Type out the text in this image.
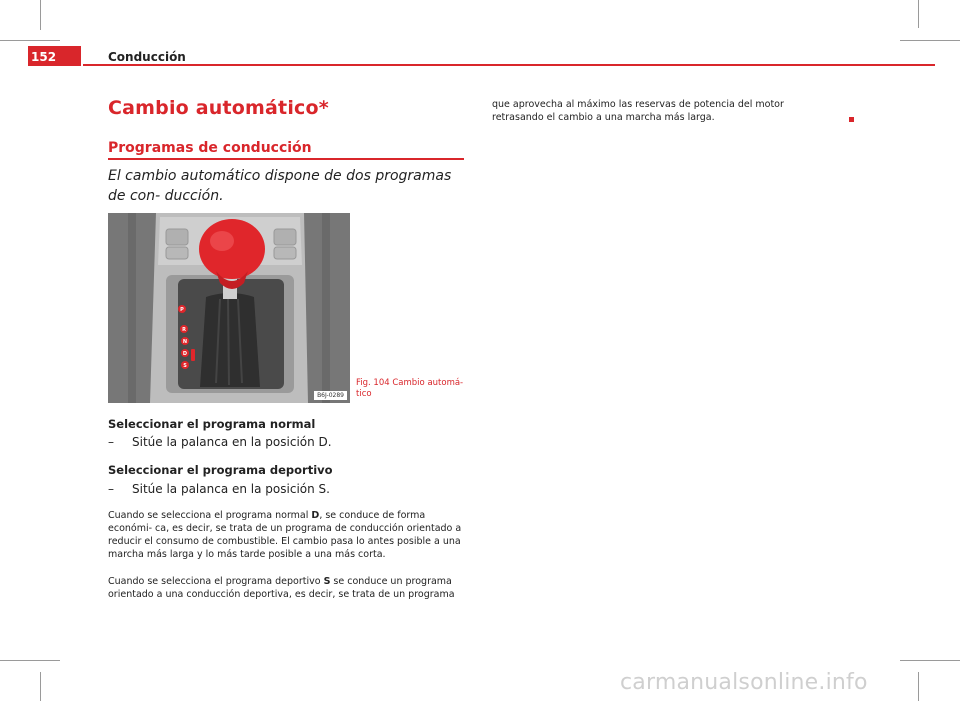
152	Conducción
Cambio automático*
Programas de conducción
El cambio automático dispone de dos programas de con- ducción.
P
R
N
D
S
B6J-0289
Fig. 104 Cambio automá- tico
Seleccionar el programa normal
– Sitúe la palanca en la posición D.
Seleccionar el programa deportivo
– Sitúe la palanca en la posición S.
Cuando se selecciona el programa normal D, se conduce de forma económi- ca, es decir, se trata de un programa de conducción orientado a reducir el consumo de combustible. El cambio pasa lo antes posible a una marcha más larga y lo más tarde posible a una más corta.
Cuando se selecciona el programa deportivo S se conduce un programa orientado a una conducción deportiva, es decir, se trata de un programa
que aprovecha al máximo las reservas de potencia del motor retrasando el cambio a una marcha más larga.
carmanualsonline.info
